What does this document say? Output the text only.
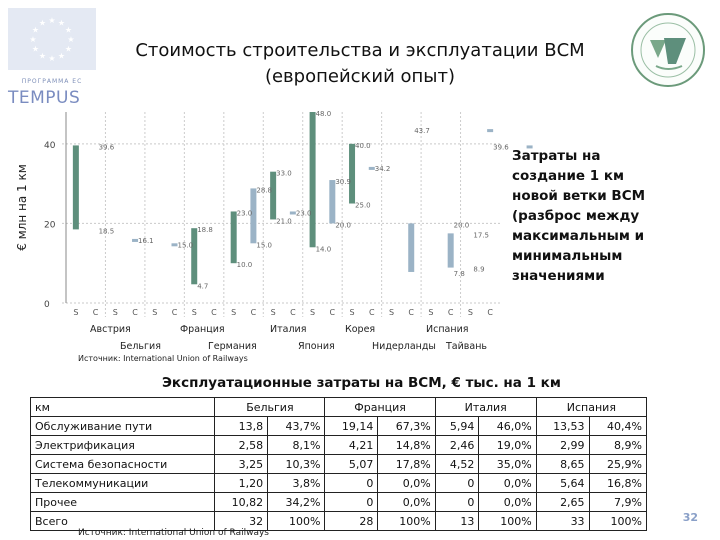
★ ★
★
★
★
★
★
★
★
★
★
★
ПРОГРАММА ЕС
TEMPUS
Стоимость строительства и эксплуатации ВСМ
(европейский опыт)
€ млн на 1 км
0
20
40
S C S C S C S C S C S C S C S C S C S C S C
39.6
18.5
16.1
15.0
18.8
4.7
23.0
10.0
28.8
15.0
33.0
21.0
23.0
48.0
14.0
30.9
20.0
40.0
25.0
34.2
43.7
20.0
7.8
17.5
8.9
39.6
Австрия	Франция	Италия	Корея	Испания
Бельгия	Германия	Япония	Нидерланды Тайвань
Источник: International Union of Railways
Затраты на создание 1 км новой ветки ВСМ (разброс между максимальным и минимальным значениями
Эксплуатационные затраты на ВСМ, € тыс. на 1 км
км	Бельгия		Франция		Италия		Испания	
Обслуживание пути	13,8	43,7%	19,14	67,3%	5,94	46,0%	13,53	40,4%
Электрификация	2,58	8,1%	4,21	14,8%	2,46	19,0%	2,99	8,9%
Система безопасности	3,25	10,3%	5,07	17,8%	4,52	35,0%	8,65	25,9%
Телекоммуникации	1,20	3,8%	0	0,0%	0	0,0%	5,64	16,8%
Прочее	10,82	34,2%	0	0,0%	0	0,0%	2,65	7,9%
Всего	32	100%	28	100%	13	100%	33	100%
Источник: International Union of Railways
32
